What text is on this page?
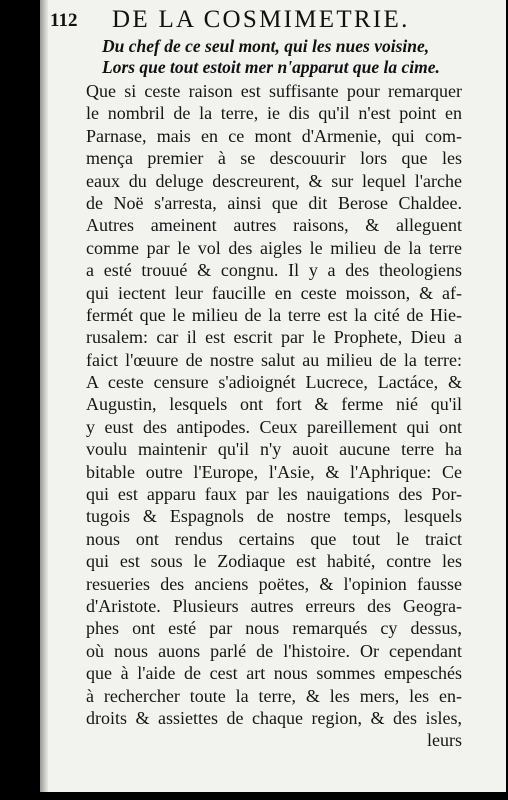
112 DE LA COSMIMETRIE.
Du chef de ce seul mont, qui les nues voisine,
Lors que tout estoit mer n'apparut que la cime.
Que si ceste raison est suffisante pour remarquer
le nombril de la terre, ie dis qu'il n'est point en
Parnase, mais en ce mont d'Armenie, qui com-
mença premier à se descouurir lors que les
eaux du deluge descreurent, & sur lequel l'arche
de Noë s'arresta, ainsi que dit Berose Chaldee.
Autres ameinent autres raisons, & alleguent
comme par le vol des aigles le milieu de la terre
a esté trouué & congnu. Il y a des theologiens
qui iectent leur faucille en ceste moisson, & af-
fermét que le milieu de la terre est la cité de Hie-
rusalem: car il est escrit par le Prophete, Dieu a
faict l'œuure de nostre salut au milieu de la terre:
A ceste censure s'adioignét Lucrece, Lactáce, &
Augustin, lesquels ont fort & ferme nié qu'il
y eust des antipodes. Ceux pareillement qui ont
voulu maintenir qu'il n'y auoit aucune terre ha
bitable outre l'Europe, l'Asie, & l'Aphrique: Ce
qui est apparu faux par les nauigations des Por-
tugois & Espagnols de nostre temps, lesquels
nous ont rendus certains que tout le traict
qui est sous le Zodiaque est habité, contre les
resueries des anciens poëtes, & l'opinion fausse
d'Aristote. Plusieurs autres erreurs des Geogra-
phes ont esté par nous remarqués cy dessus,
où nous auons parlé de l'histoire. Or cependant
que à l'aide de cest art nous sommes empeschés
à rechercher toute la terre, & les mers, les en-
droits & assiettes de chaque region, & des isles,
leurs
